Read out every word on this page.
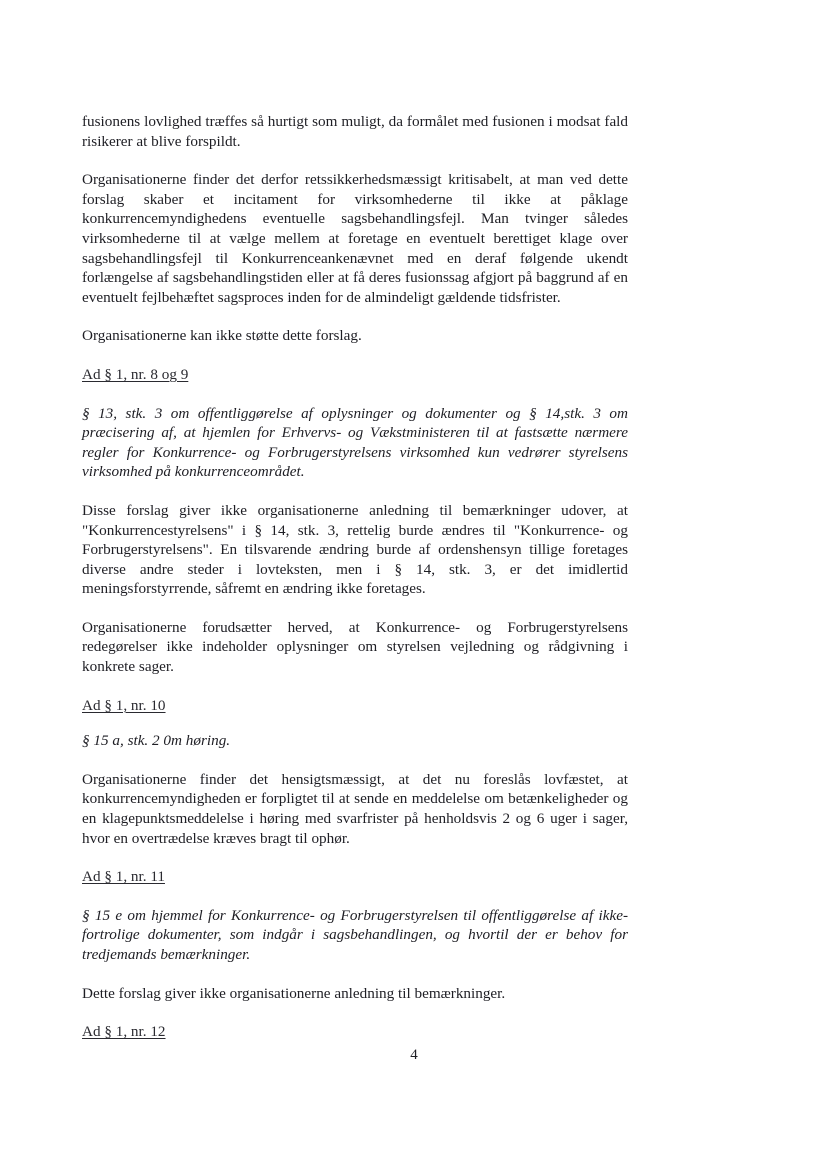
fusionens lovlighed træffes så hurtigt som muligt, da formålet med fusionen i modsat fald risikerer at blive forspildt.

Organisationerne finder det derfor retssikkerhedsmæssigt kritisabelt, at man ved dette forslag skaber et incitament for virksomhederne til ikke at påklage konkurrencemyndighedens eventuelle sagsbehandlingsfejl. Man tvinger således virksomhederne til at vælge mellem at foretage en eventuelt berettiget klage over sagsbehandlingsfejl til Konkurrenceankenævnet med en deraf følgende ukendt forlængelse af sagsbehandlingstiden eller at få deres fusionssag afgjort på baggrund af en eventuelt fejlbehæftet sagsproces inden for de almindeligt gældende tidsfrister.

Organisationerne kan ikke støtte dette forslag.

Ad § 1, nr. 8 og 9

§ 13, stk. 3 om offentliggørelse af oplysninger og dokumenter og § 14,stk. 3 om præcisering af, at hjemlen for Erhvervs- og Vækstministeren til at fastsætte nærmere regler for Konkurrence- og Forbrugerstyrelsens virksomhed kun vedrører styrelsens virksomhed på konkurrenceområdet.

Disse forslag giver ikke organisationerne anledning til bemærkninger udover, at "Konkurrencestyrelsens" i § 14, stk. 3, rettelig burde ændres til "Konkurrence- og Forbrugerstyrelsens". En tilsvarende ændring burde af ordenshensyn tillige foretages diverse andre steder i lovteksten, men i § 14, stk. 3, er det imidlertid meningsforstyrrende, såfremt en ændring ikke foretages.

Organisationerne forudsætter herved, at Konkurrence- og Forbrugerstyrelsens redegørelser ikke indeholder oplysninger om styrelsen vejledning og rådgivning i konkrete sager.

Ad § 1, nr. 10

§ 15 a, stk. 2 0m høring.

Organisationerne finder det hensigtsmæssigt, at det nu foreslås lovfæstet, at konkurrencemyndigheden er forpligtet til at sende en meddelelse om betænkeligheder og en klagepunktsmeddelelse i høring med svarfrister på henholdsvis 2 og 6 uger i sager, hvor en overtrædelse kræves bragt til ophør.

Ad § 1, nr. 11

§ 15 e om hjemmel for Konkurrence- og Forbrugerstyrelsen til offentliggørelse af ikke-fortrolige dokumenter, som indgår i sagsbehandlingen, og hvortil der er behov for tredjemands bemærkninger.

Dette forslag giver ikke organisationerne anledning til bemærkninger.

Ad § 1, nr. 12

4
